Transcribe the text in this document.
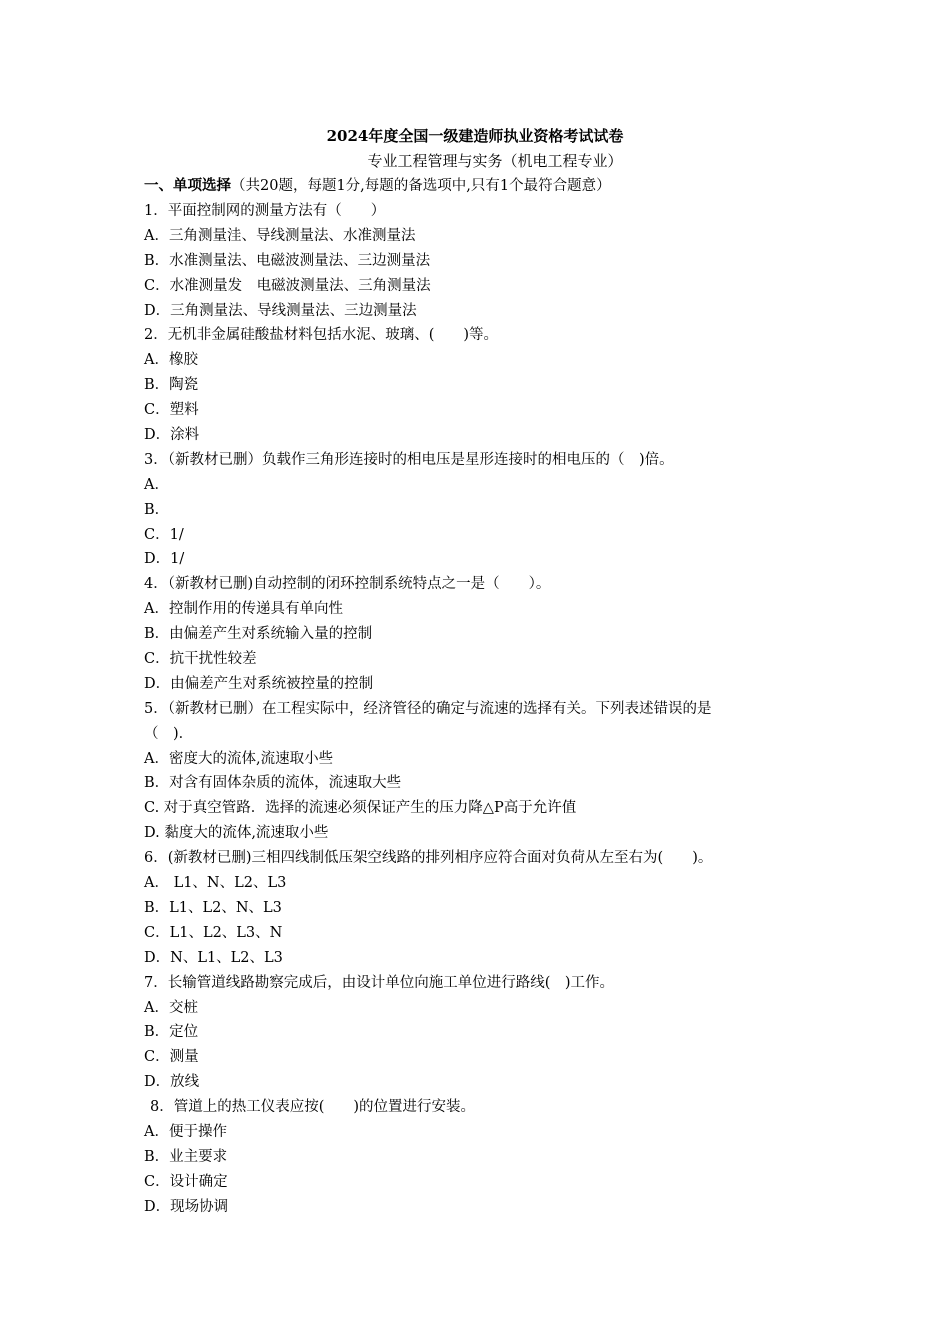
2024年度全国一级建造师执业资格考试试卷
专业工程管理与实务（机电工程专业）
一、单项选择（共20题，每题1分,每题的备选项中,只有1个最符合题意）
1．平面控制网的测量方法有（　　）
A．三角测量洼、导线测量法、水准测量法
B．水准测量法、电磁波测量法、三边测量法
C．水准测量发　电磁波测量法、三角测量法
D．三角测量法、导线测量法、三边测量法
2．无机非金属硅酸盐材料包括水泥、玻璃、(　　)等。
A．橡胶
B．陶瓷
C．塑料
D．涂料
3．（新教材已删）负载作三角形连接时的相电压是星形连接时的相电压的（　)倍。
A．
B．
C．1/
D．1/
4．（新教材已删)自动控制的闭环控制系统特点之一是（　　）。
A．控制作用的传递具有单向性
B．由偏差产生对系统输入量的控制
C．抗干扰性较差
D．由偏差产生对系统被控量的控制
5．（新教材已删）在工程实际中，经济管径的确定与流速的选择有关。下列表述错误的是
（　)．
A．密度大的流体,流速取小些
B．对含有固体杂质的流体，流速取大些
C. 对于真空管路．选择的流速必须保证产生的压力降△P高于允许值
D. 黏度大的流体,流速取小些
6．(新教材已删)三相四线制低压架空线路的排列相序应符合面对负荷从左至右为(　　)。
A． L1、N、L2、L3
B．L1、L2、N、L3
C．L1、L2、L3、N
D．N、L1、L2、L3
7．长输管道线路勘察完成后，由设计单位向施工单位进行路线(　)工作。
A．交桩
B．定位
C．测量
D．放线
8．管道上的热工仪表应按(　　)的位置进行安装。
A．便于操作
B．业主要求
C．设计确定
D．现场协调
